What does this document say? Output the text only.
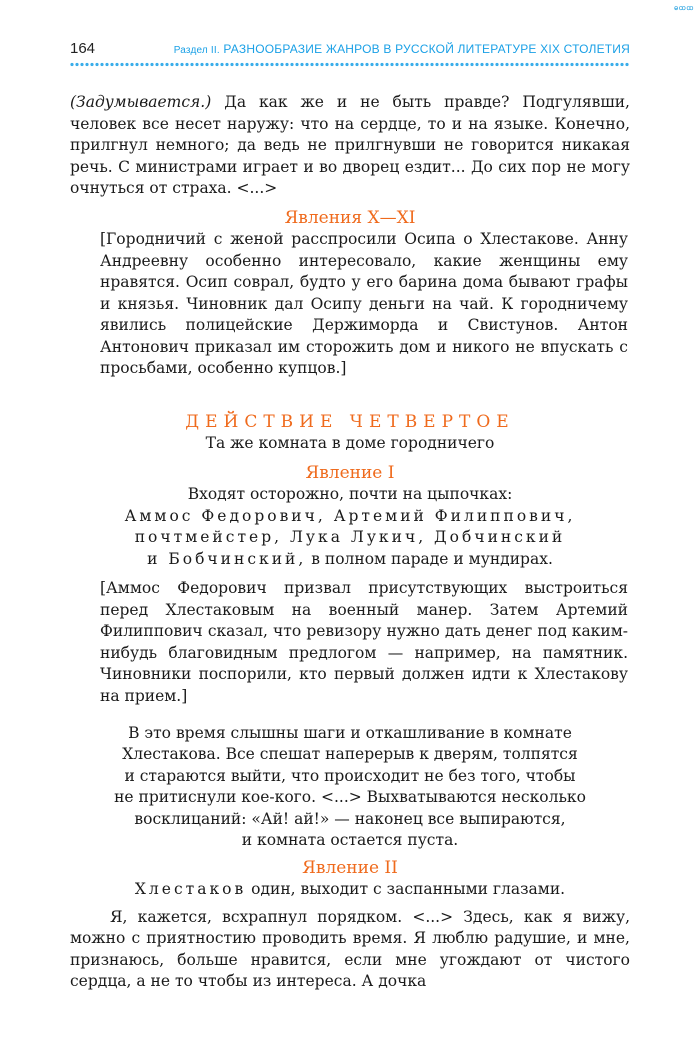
ⱺꝏꝏ
164	Раздел II. РАЗНООБРАЗИЕ ЖАНРОВ В РУССКОЙ ЛИТЕРАТУРЕ XIX СТОЛЕТИЯ

(Задумывается.) Да как же и не быть правде? Подгулявши, человек все несет наружу: что на сердце, то и на языке. Конечно, прилгнул немного; да ведь не прилгнувши не говорится никакая речь. С министрами играет и во дворец ездит... До сих пор не могу очнуться от страха. <...>

Явления X—XI

[Городничий с женой расспросили Осипа о Хлестакове. Анну Андреевну особенно интересовало, какие женщины ему нравятся. Осип соврал, будто у его барина дома бывают графы и князья. Чиновник дал Осипу деньги на чай. К городничему явились полицейские Держиморда и Свистунов. Антон Антонович приказал им сторожить дом и никого не впускать с просьбами, особенно купцов.]

ДЕЙСТВИЕ ЧЕТВЕРТОЕ

Та же комната в доме городничего

Явление I

Входят осторожно, почти на цыпочках:

Аммос Федорович, Артемий Филиппович,

почтмейстер, Лука Лукич, Добчинский

и Бобчинский, в полном параде и мундирах.

[Аммос Федорович призвал присутствующих выстроиться перед Хлестаковым на военный манер. Затем Артемий Филиппович сказал, что ревизору нужно дать денег под каким-нибудь благовидным предлогом — например, на памятник. Чиновники поспорили, кто первый должен идти к Хлестакову на прием.]

В это время слышны шаги и откашливание в комнате

Хлестакова. Все спешат наперерыв к дверям, толпятся

и стараются выйти, что происходит не без того, чтобы

не притиснули кое-кого. <...> Выхватываются несколько

восклицаний: «Ай! ай!» — наконец все выпираются,

и комната остается пуста.

Явление II

Хлестаков один, выходит с заспанными глазами.

Я, кажется, всхрапнул порядком. <...> Здесь, как я вижу, можно с приятностию проводить время. Я люблю радушие, и мне, признаюсь, больше нравится, если мне угождают от чистого сердца, а не то чтобы из интереса. А дочка
